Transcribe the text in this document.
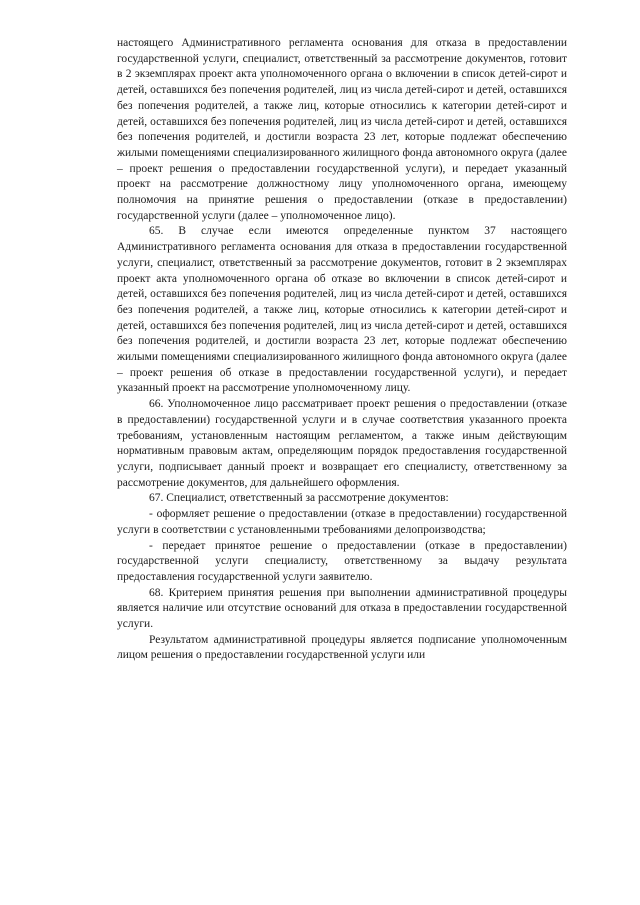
настоящего Административного регламента основания для отказа в предоставлении государственной услуги, специалист, ответственный за рассмотрение документов, готовит в 2 экземплярах проект акта уполномоченного органа о включении в список детей-сирот и детей, оставшихся без попечения родителей, лиц из числа детей-сирот и детей, оставшихся без попечения родителей, а также лиц, которые относились к категории детей-сирот и детей, оставшихся без попечения родителей, лиц из числа детей-сирот и детей, оставшихся без попечения родителей, и достигли возраста 23 лет, которые подлежат обеспечению жилыми помещениями специализированного жилищного фонда автономного округа (далее – проект решения о предоставлении государственной услуги), и передает указанный проект на рассмотрение должностному лицу уполномоченного органа, имеющему полномочия на принятие решения о предоставлении (отказе в предоставлении) государственной услуги (далее – уполномоченное лицо).

65. В случае если имеются определенные пунктом 37 настоящего Административного регламента основания для отказа в предоставлении государственной услуги, специалист, ответственный за рассмотрение документов, готовит в 2 экземплярах проект акта уполномоченного органа об отказе во включении в список детей-сирот и детей, оставшихся без попечения родителей, лиц из числа детей-сирот и детей, оставшихся без попечения родителей, а также лиц, которые относились к категории детей-сирот и детей, оставшихся без попечения родителей, лиц из числа детей-сирот и детей, оставшихся без попечения родителей, и достигли возраста 23 лет, которые подлежат обеспечению жилыми помещениями специализированного жилищного фонда автономного округа (далее – проект решения об отказе в предоставлении государственной услуги), и передает указанный проект на рассмотрение уполномоченному лицу.

66. Уполномоченное лицо рассматривает проект решения о предоставлении (отказе в предоставлении) государственной услуги и в случае соответствия указанного проекта требованиям, установленным настоящим регламентом, а также иным действующим нормативным правовым актам, определяющим порядок предоставления государственной услуги, подписывает данный проект и возвращает его специалисту, ответственному за рассмотрение документов, для дальнейшего оформления.

67. Специалист, ответственный за рассмотрение документов:

- оформляет решение о предоставлении (отказе в предоставлении) государственной услуги в соответствии с установленными требованиями делопроизводства;

- передает принятое решение о предоставлении (отказе в предоставлении) государственной услуги специалисту, ответственному за выдачу результата предоставления государственной услуги заявителю.

68. Критерием принятия решения при выполнении административной процедуры является наличие или отсутствие оснований для отказа в предоставлении государственной услуги.

Результатом административной процедуры является подписание уполномоченным лицом решения о предоставлении государственной услуги или
